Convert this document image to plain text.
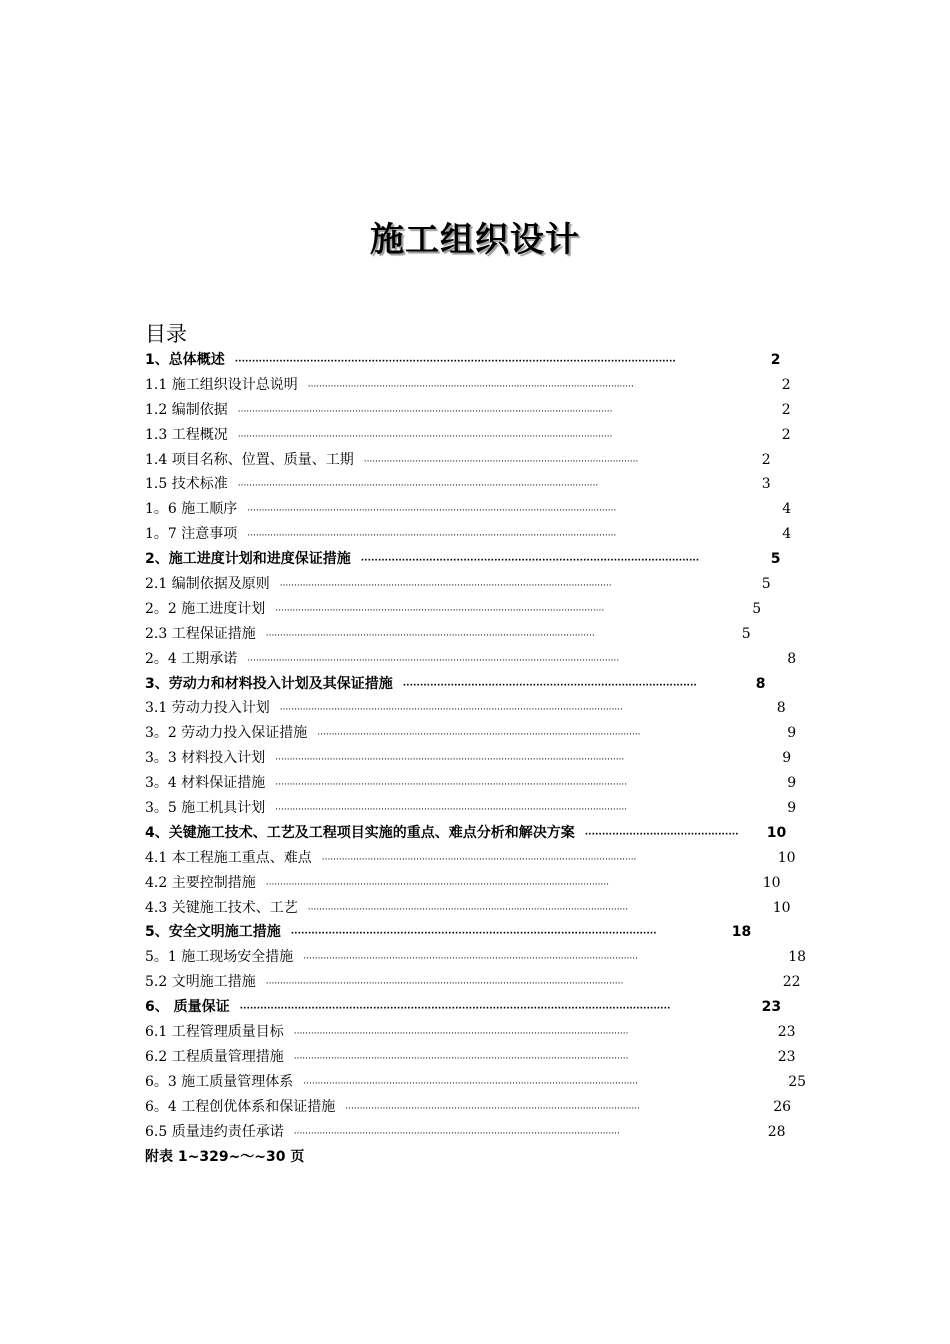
施工组织设计
目录
1、总体概述 ·································································································································	2
1.1 施工组织设计总说明 ··················································································································	2
1.2 编制依据 ···································································································································	2
1.3 工程概况 ···································································································································	2
1.4 项目名称、位置、质量、工期 ································································································	2
1.5 技术标准 ······························································································································	3
1。6 施工顺序 ·································································································································	4
1。7 注意事项 ·································································································································	4
2、施工进度计划和进度保证措施 ···································································································	5
2.1 编制依据及原则 ····················································································································	5
2。2 施工进度计划 ···················································································································	5
2.3 工程保证措施 ···················································································································	5
2。4 工期承诺 ··································································································································	8
3、劳动力和材料投入计划及其保证措施 ······················································································	8
3.1 劳动力投入计划 ························································································································	8
3。2 劳动力投入保证措施 ·················································································································	9
3。3 材料投入计划 ··························································································································	9
3。4 材料保证措施 ···························································································································	9
3。5 施工机具计划 ···························································································································	9
4、关键施工技术、工艺及工程项目实施的重点、难点分析和解决方案 ·············································	10
4.1 本工程施工重点、难点 ··············································································································	10
4.2 主要控制措施 ························································································································	10
4.3 关键施工技术、工艺 ················································································································	10
5、安全文明施工措施 ···········································································································	18
5。1 施工现场安全措施 ·····················································································································	18
5.2 文明施工措施 ·····························································································································	22
6、 质量保证 ······························································································································	23
6.1 工程管理质量目标 ·····················································································································	23
6.2 工程质量管理措施 ·····················································································································	23
6。3 施工质量管理体系 ·····················································································································	25
6。4 工程创优体系和保证措施 ·······································································································	26
6.5 质量违约责任承诺 ··················································································································	28
附表 1~329~～~30 页
